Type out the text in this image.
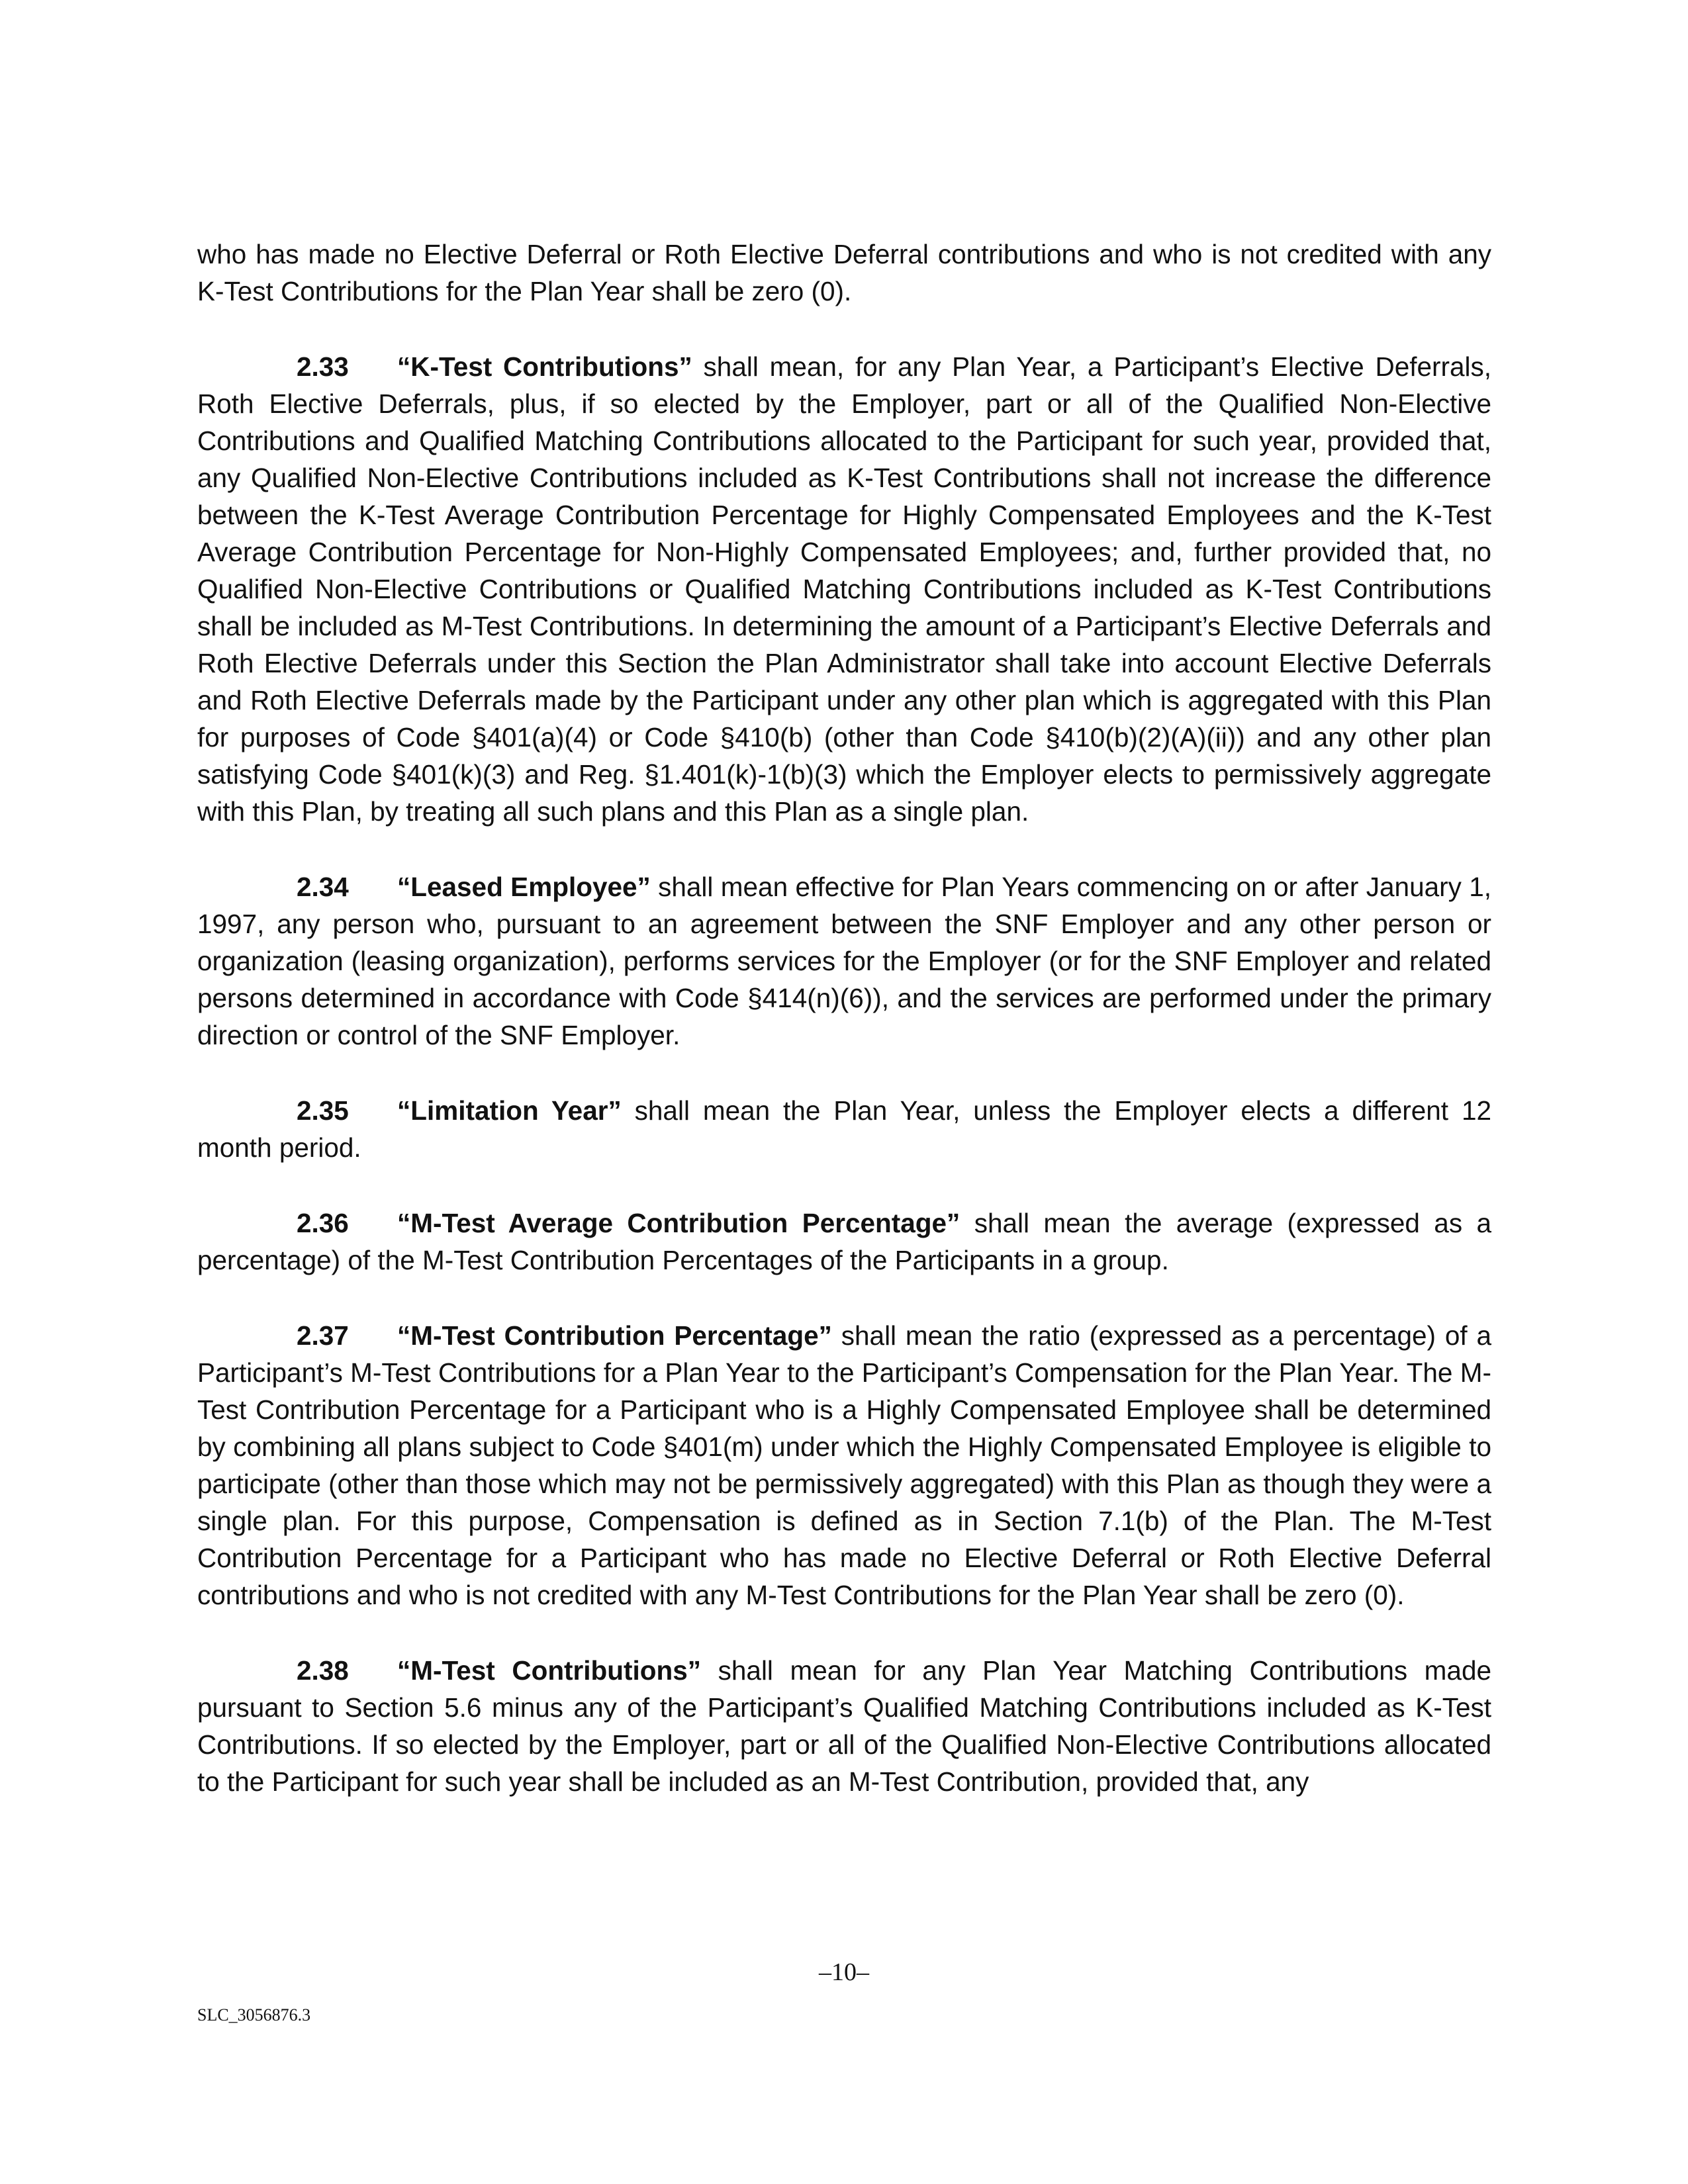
who has made no Elective Deferral or Roth Elective Deferral contributions and who is not credited with any K-Test Contributions for the Plan Year shall be zero (0).

2.33 “K-Test Contributions” shall mean, for any Plan Year, a Participant’s Elective Deferrals, Roth Elective Deferrals, plus, if so elected by the Employer, part or all of the Qualified Non-Elective Contributions and Qualified Matching Contributions allocated to the Participant for such year, provided that, any Qualified Non-Elective Contributions included as K-Test Contributions shall not increase the difference between the K-Test Average Contribution Percentage for Highly Compensated Employees and the K-Test Average Contribution Percentage for Non-Highly Compensated Employees; and, further provided that, no Qualified Non-Elective Contributions or Qualified Matching Contributions included as K-Test Contributions shall be included as M-Test Contributions. In determining the amount of a Participant’s Elective Deferrals and Roth Elective Deferrals under this Section the Plan Administrator shall take into account Elective Deferrals and Roth Elective Deferrals made by the Participant under any other plan which is aggregated with this Plan for purposes of Code §401(a)(4) or Code §410(b) (other than Code §410(b)(2)(A)(ii)) and any other plan satisfying Code §401(k)(3) and Reg. §1.401(k)-1(b)(3) which the Employer elects to permissively aggregate with this Plan, by treating all such plans and this Plan as a single plan.

2.34 “Leased Employee” shall mean effective for Plan Years commencing on or after January 1, 1997, any person who, pursuant to an agreement between the SNF Employer and any other person or organization (leasing organization), performs services for the Employer (or for the SNF Employer and related persons determined in accordance with Code §414(n)(6)), and the services are performed under the primary direction or control of the SNF Employer.

2.35 “Limitation Year” shall mean the Plan Year, unless the Employer elects a different 12 month period.

2.36 “M-Test Average Contribution Percentage” shall mean the average (expressed as a percentage) of the M-Test Contribution Percentages of the Participants in a group.

2.37 “M-Test Contribution Percentage” shall mean the ratio (expressed as a percentage) of a Participant’s M-Test Contributions for a Plan Year to the Participant’s Compensation for the Plan Year. The M-Test Contribution Percentage for a Participant who is a Highly Compensated Employee shall be determined by combining all plans subject to Code §401(m) under which the Highly Compensated Employee is eligible to participate (other than those which may not be permissively aggregated) with this Plan as though they were a single plan. For this purpose, Compensation is defined as in Section 7.1(b) of the Plan. The M-Test Contribution Percentage for a Participant who has made no Elective Deferral or Roth Elective Deferral contributions and who is not credited with any M-Test Contributions for the Plan Year shall be zero (0).

2.38 “M-Test Contributions” shall mean for any Plan Year Matching Contributions made pursuant to Section 5.6 minus any of the Participant’s Qualified Matching Contributions included as K-Test Contributions. If so elected by the Employer, part or all of the Qualified Non-Elective Contributions allocated to the Participant for such year shall be included as an M-Test Contribution, provided that, any

–10–
SLC_3056876.3
